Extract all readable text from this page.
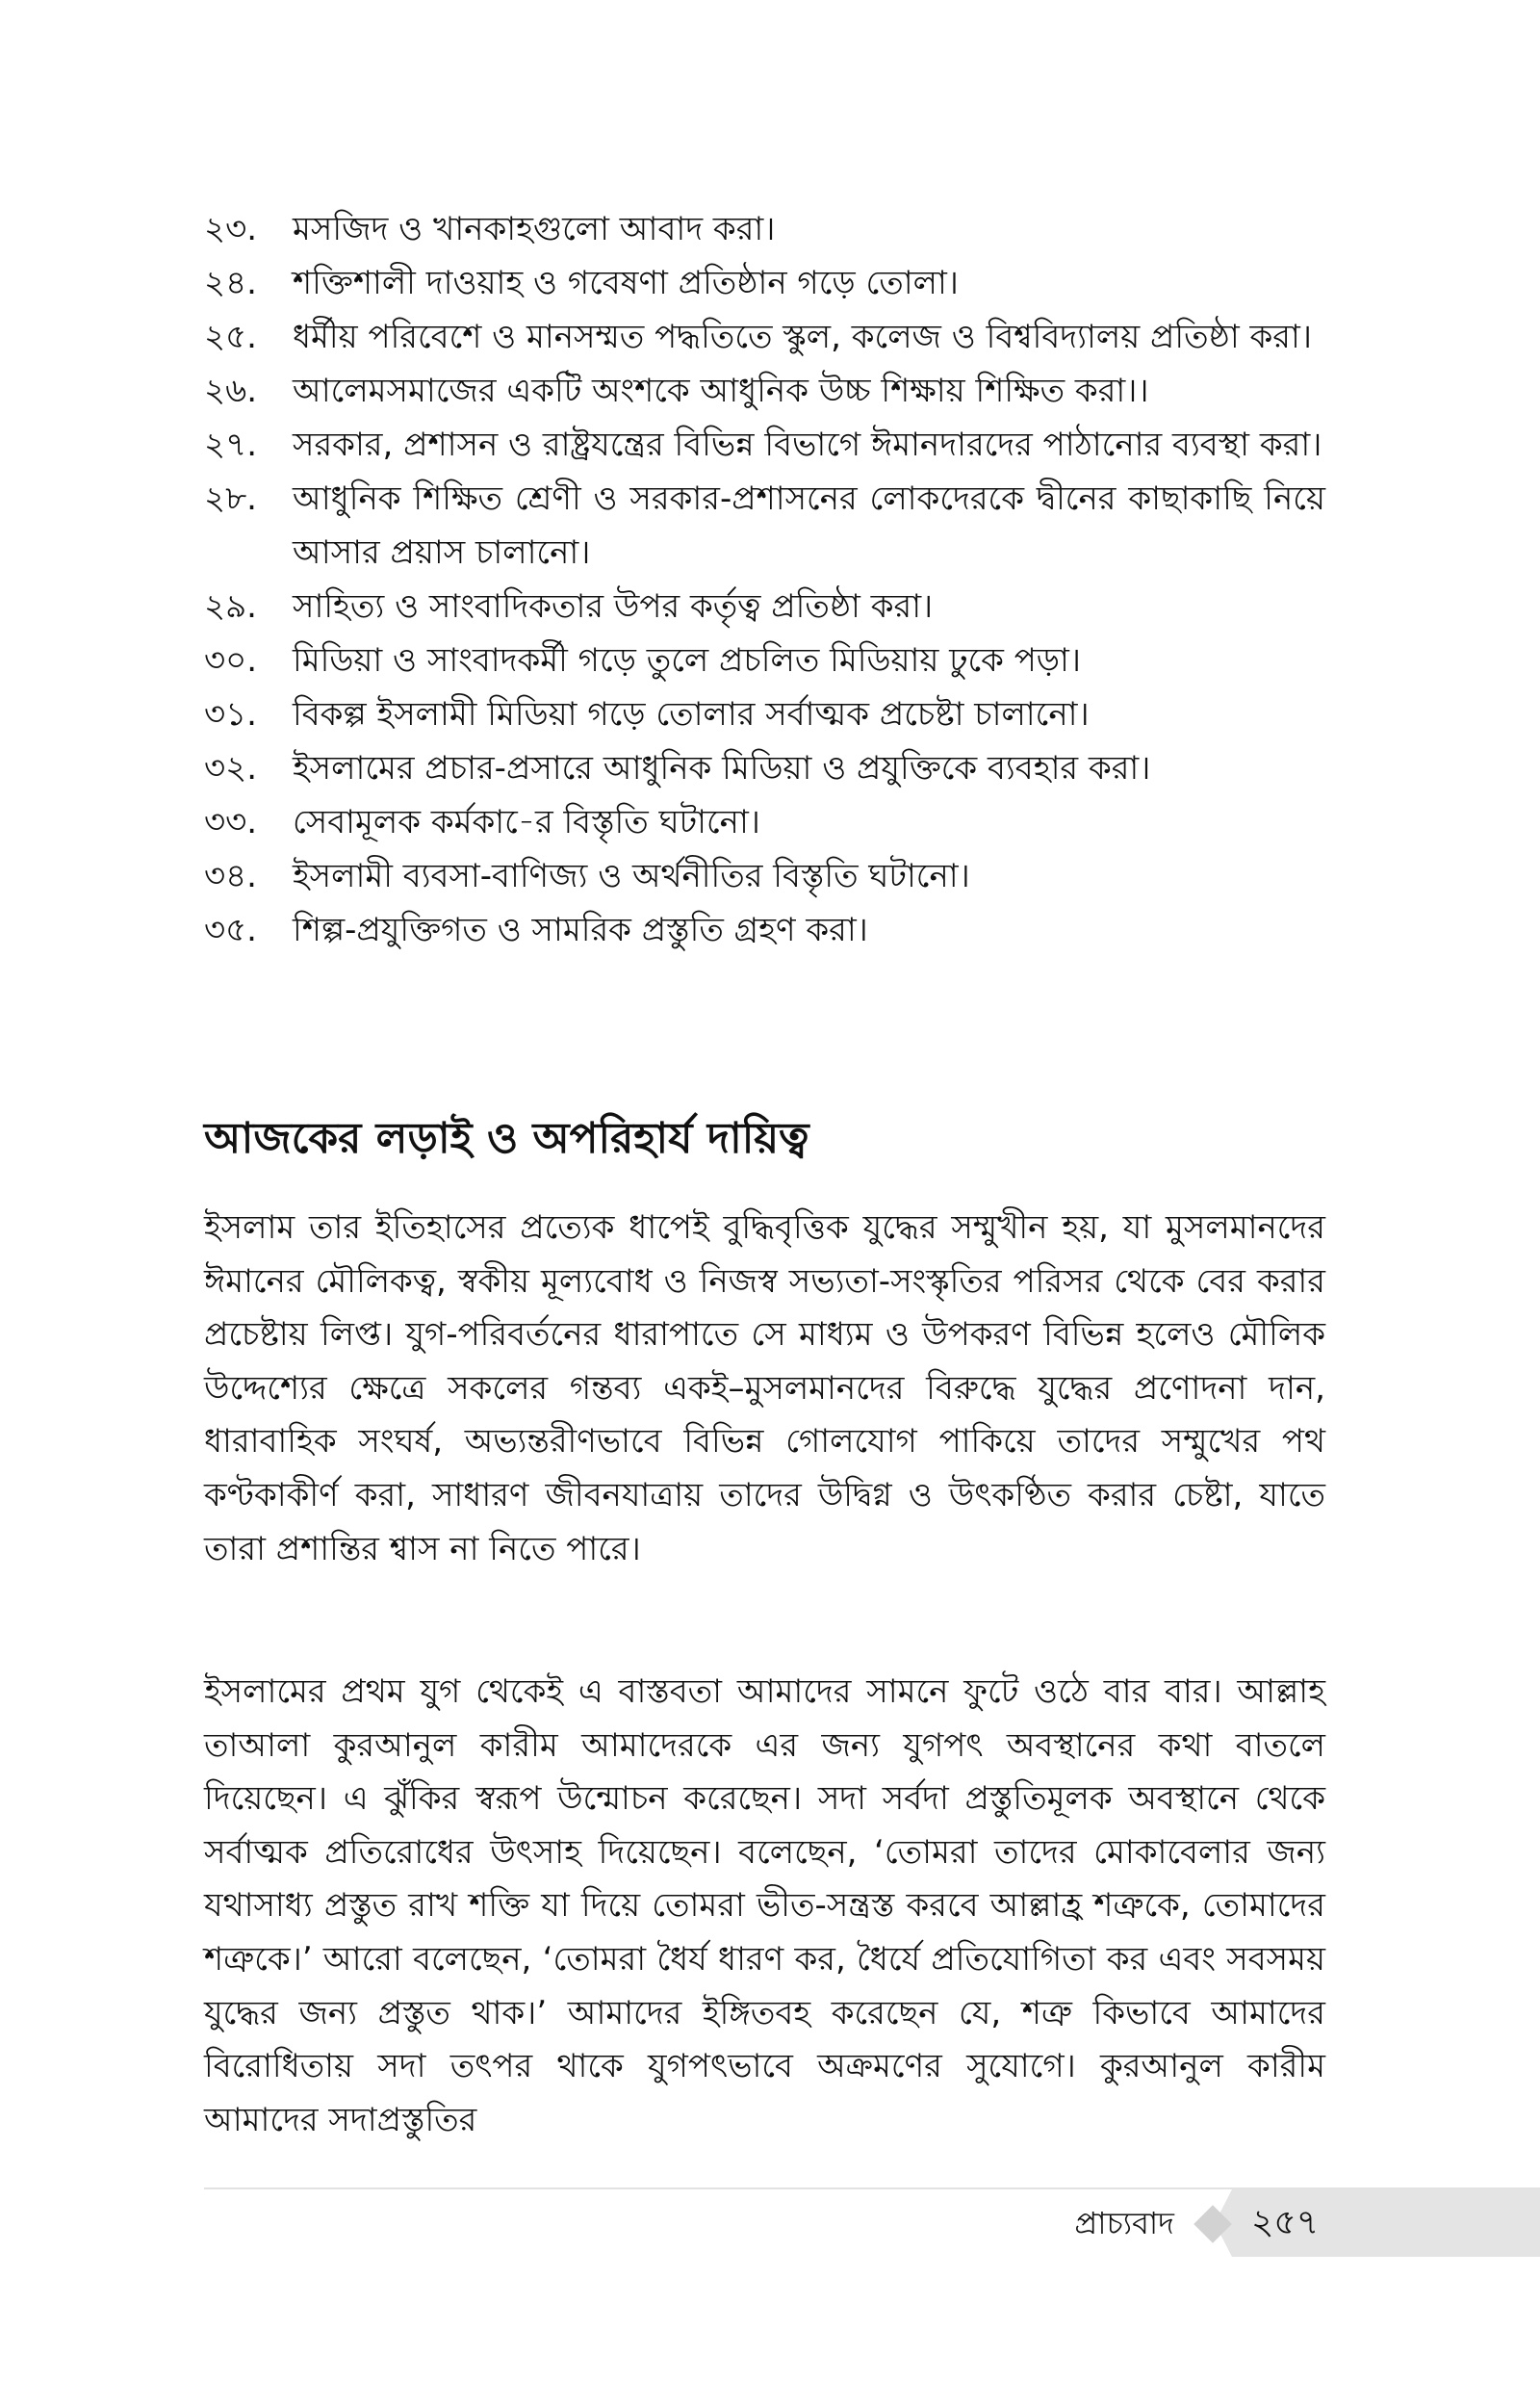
২৩.	মসজিদ ও খানকাহগুলো আবাদ করা।
২৪.	শক্তিশালী দাওয়াহ ও গবেষণা প্রতিষ্ঠান গড়ে তোলা।
২৫.	ধর্মীয় পরিবেশে ও মানসম্মত পদ্ধতিতে স্কুল, কলেজ ও বিশ্ববিদ্যালয় প্রতিষ্ঠা করা।
২৬.	আলেমসমাজের একটি অংশকে আধুনিক উচ্চ শিক্ষায় শিক্ষিত করা।।
২৭.	সরকার, প্রশাসন ও রাষ্ট্রযন্ত্রের বিভিন্ন বিভাগে ঈমানদারদের পাঠানোর ব্যবস্থা করা।
২৮.	আধুনিক শিক্ষিত শ্রেণী ও সরকার-প্রশাসনের লোকদেরকে দ্বীনের কাছাকাছি নিয়ে আসার প্রয়াস চালানো।
২৯.	সাহিত্য ও সাংবাদিকতার উপর কর্তৃত্ব প্রতিষ্ঠা করা।
৩০.	মিডিয়া ও সাংবাদকর্মী গড়ে তুলে প্রচলিত মিডিয়ায় ঢুকে পড়া।
৩১.	বিকল্প ইসলামী মিডিয়া গড়ে তোলার সর্বাত্মক প্রচেষ্টা চালানো।
৩২.	ইসলামের প্রচার-প্রসারে আধুনিক মিডিয়া ও প্রযুক্তিকে ব্যবহার করা।
৩৩.	সেবামূলক কর্মকা-ের বিস্তৃতি ঘটানো।
৩৪.	ইসলামী ব্যবসা-বাণিজ্য ও অর্থনীতির বিস্তৃতি ঘটানো।
৩৫.	শিল্প-প্রযুক্তিগত ও সামরিক প্রস্তুতি গ্রহণ করা।
আজকের লড়াই ও অপরিহার্য দায়িত্ব

ইসলাম তার ইতিহাসের প্রত্যেক ধাপেই বুদ্ধিবৃত্তিক যুদ্ধের সম্মুখীন হয়, যা মুসলমানদের ঈমানের মৌলিকত্ব, স্বকীয় মূল্যবোধ ও নিজস্ব সভ্যতা-সংস্কৃতির পরিসর থেকে বের করার প্রচেষ্টায় লিপ্ত। যুগ-পরিবর্তনের ধারাপাতে সে মাধ্যম ও উপকরণ বিভিন্ন হলেও মৌলিক উদ্দেশ্যের ক্ষেত্রে সকলের গন্তব্য একই–মুসলমানদের বিরুদ্ধে যুদ্ধের প্রণোদনা দান, ধারাবাহিক সংঘর্ষ, অভ্যন্তরীণভাবে বিভিন্ন গোলযোগ পাকিয়ে তাদের সম্মুখের পথ কণ্টকাকীর্ণ করা, সাধারণ জীবনযাত্রায় তাদের উদ্বিগ্ন ও উৎকণ্ঠিত করার চেষ্টা, যাতে তারা প্রশান্তির শ্বাস না নিতে পারে।

ইসলামের প্রথম যুগ থেকেই এ বাস্তবতা আমাদের সামনে ফুটে ওঠে বার বার। আল্লাহ তাআলা কুরআনুল কারীম আমাদেরকে এর জন্য যুগপৎ অবস্থানের কথা বাতলে দিয়েছেন। এ ঝুঁকির স্বরূপ উন্মোচন করেছেন। সদা সর্বদা প্রস্তুতিমূলক অবস্থানে থেকে সর্বাত্মক প্রতিরোধের উৎসাহ দিয়েছেন। বলেছেন, ‘তোমরা তাদের মোকাবেলার জন্য যথাসাধ্য প্রস্তুত রাখ শক্তি যা দিয়ে তোমরা ভীত-সন্ত্রস্ত করবে আল্লাহ্র শত্রুকে, তোমাদের শত্রুকে।’ আরো বলেছেন, ‘তোমরা ধৈর্য ধারণ কর, ধৈর্যে প্রতিযোগিতা কর এবং সবসময় যুদ্ধের জন্য প্রস্তুত থাক।’ আমাদের ইঙ্গিতবহ করেছেন যে, শত্রু কিভাবে আমাদের বিরোধিতায় সদা তৎপর থাকে যুগপৎভাবে অক্রমণের সুযোগে। কুরআনুল কারীম আমাদের সদাপ্রস্তুতির

প্রাচ্যবাদ ২৫৭
